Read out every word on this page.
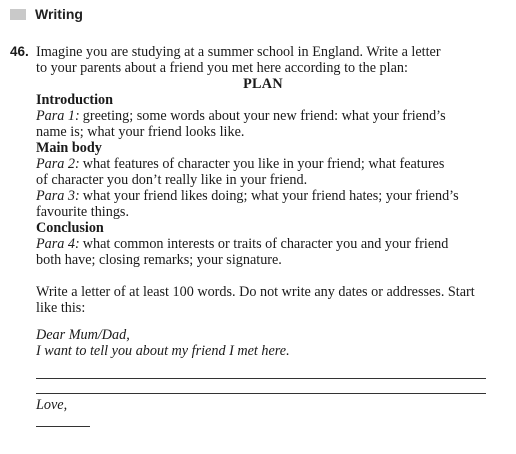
Writing
46. Imagine you are studying at a summer school in England. Write a letter
to your parents about a friend you met here according to the plan:
PLAN
Introduction
Para 1: greeting; some words about your new friend: what your friend’s
name is; what your friend looks like.
Main body
Para 2: what features of character you like in your friend; what features
of character you don’t really like in your friend.
Para 3: what your friend likes doing; what your friend hates; your friend’s
favourite things.
Conclusion
Para 4: what common interests or traits of character you and your friend
both have; closing remarks; your signature.
Write a letter of at least 100 words. Do not write any dates or addresses. Start
like this:
Dear Mum/Dad,
I want to tell you about my friend I met here.
Love,
